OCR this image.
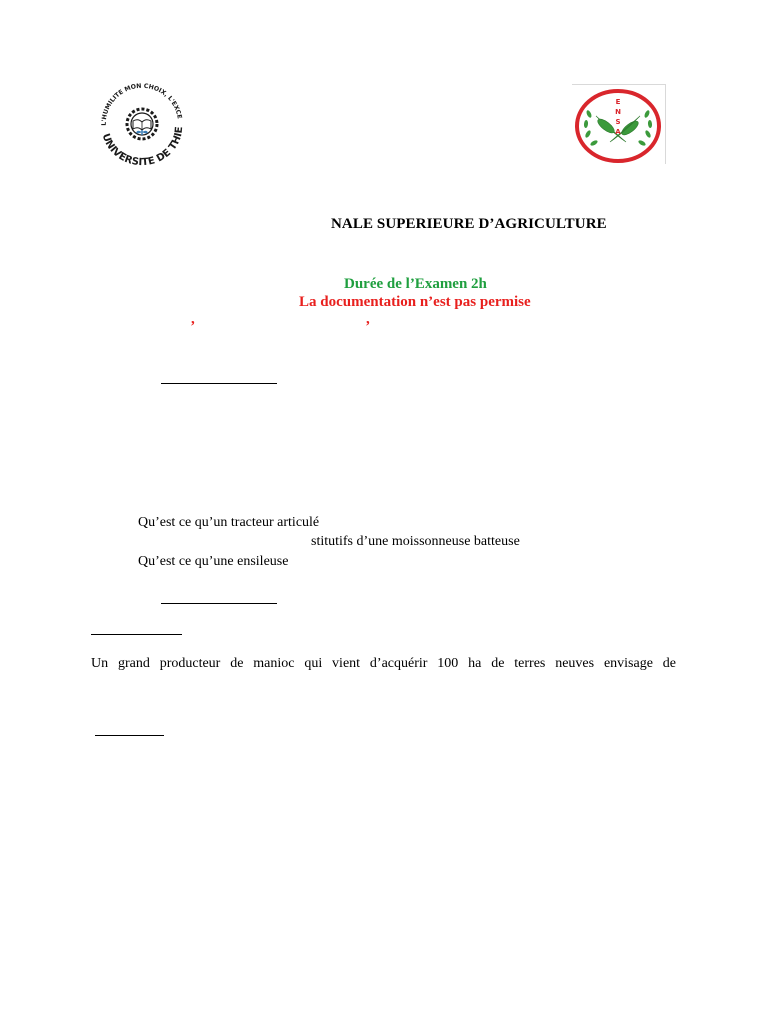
L'HUMILITE MON CHOIX, L'EXCE
UNIVERSITE DE THIE
E
N
S
A
NALE SUPERIEURE D’AGRICULTURE
Durée de l’Examen 2h
La documentation n’est pas permise
,	,
Qu’est ce qu’un tracteur articulé
stitutifs d’une moissonneuse batteuse
Qu’est ce qu’une ensileuse
Un grand producteur de manioc qui vient d’acquérir 100 ha de terres neuves envisage de
